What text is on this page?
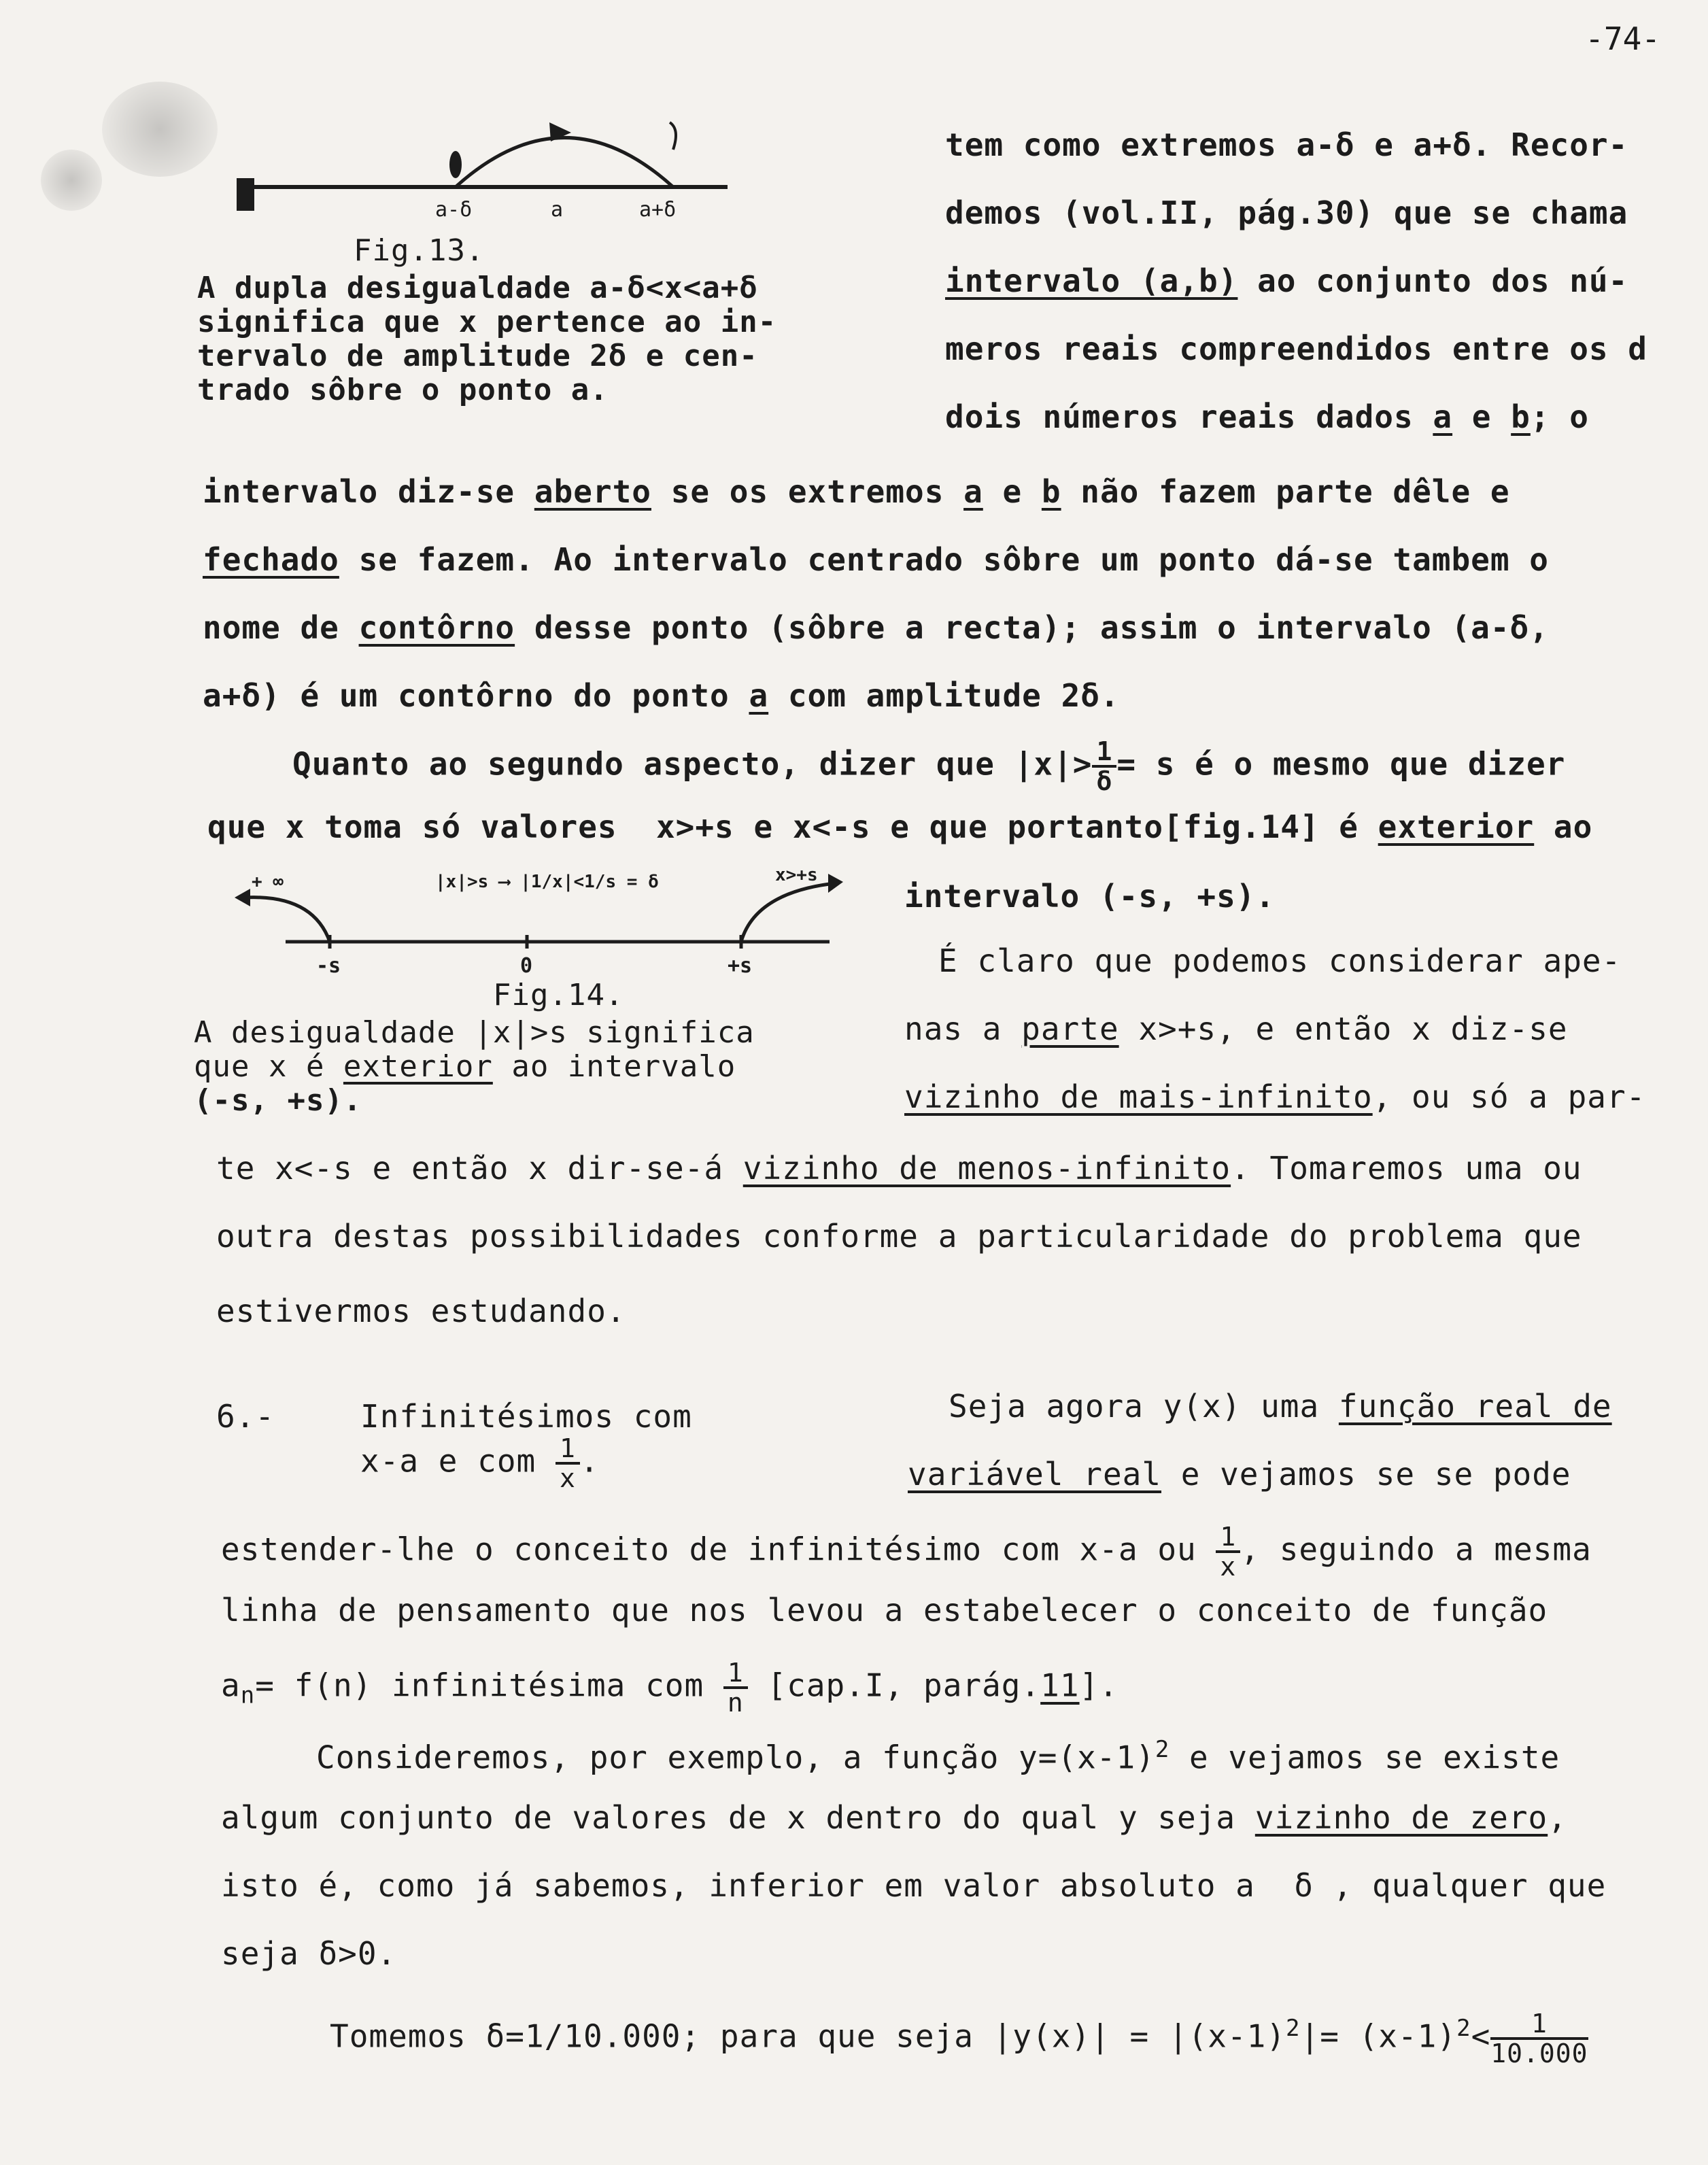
-74-
a-δ	a	a+δ
Fig.13.
A dupla desigualdade a-δ<x<a+δ
significa que x pertence ao in-
tervalo de amplitude 2δ e cen-
trado sôbre o ponto a.
tem como extremos a-δ e a+δ. Recor-
demos (vol.II, pág.30) que se chama
intervalo (a,b) ao conjunto dos nú-
meros reais compreendidos entre os d
dois números reais dados a e b; o
intervalo diz-se aberto se os extremos a e b não fazem parte dêle e
fechado se fazem. Ao intervalo centrado sôbre um ponto dá-se tambem o
nome de contôrno desse ponto (sôbre a recta); assim o intervalo (a-δ,
a+δ) é um contôrno do ponto a com amplitude 2δ.
Quanto ao segundo aspecto, dizer que $|x|> \frac{1}{\delta} = s$ é o mesmo que dizer
que x toma só valores  x>+s e x<-s e que portanto[fig.14] é exterior ao
+ ∞	|x|>s ⟶ |1/x|<1/s = δ	x>+s
-s	0	+s
Fig.14.
A desigualdade |x|>s significa
que x é exterior ao intervalo
(-s, +s).
intervalo (-s, +s).
É claro que podemos considerar ape-
nas a parte x>+s, e então x diz-se
vizinho de mais-infinito, ou só a par-
te x<-s e então x dir-se-á vizinho de menos-infinito. Tomaremos uma ou
outra destas possibilidades conforme a particularidade do problema que
estivermos estudando.
6.-	Infinitésimos com
x-a e com $\frac{1}{x}$ .
Seja agora y(x) uma função real de
variável real e vejamos se se pode
estender-lhe o conceito de infinitésimo com x-a ou $\frac{1}{x}$ , seguindo a mesma
linha de pensamento que nos levou a estabelecer o conceito de função
$a_n= f(n)$ infinitésima com $\frac{1}{n} [cap.I$, parág.11].
Consideremos, por exemplo, a função $y=(x-1)^2$ e vejamos se existe
algum conjunto de valores de x dentro do qual y seja vizinho de zero,
isto é, como já sabemos, inferior em valor absoluto a  δ , qualquer que
seja δ>0.
Tomemos δ=1/10.000; para que seja $|y(x)| = |(x-1)^2|= (x-1)^2< \frac{1}{10.000}$
